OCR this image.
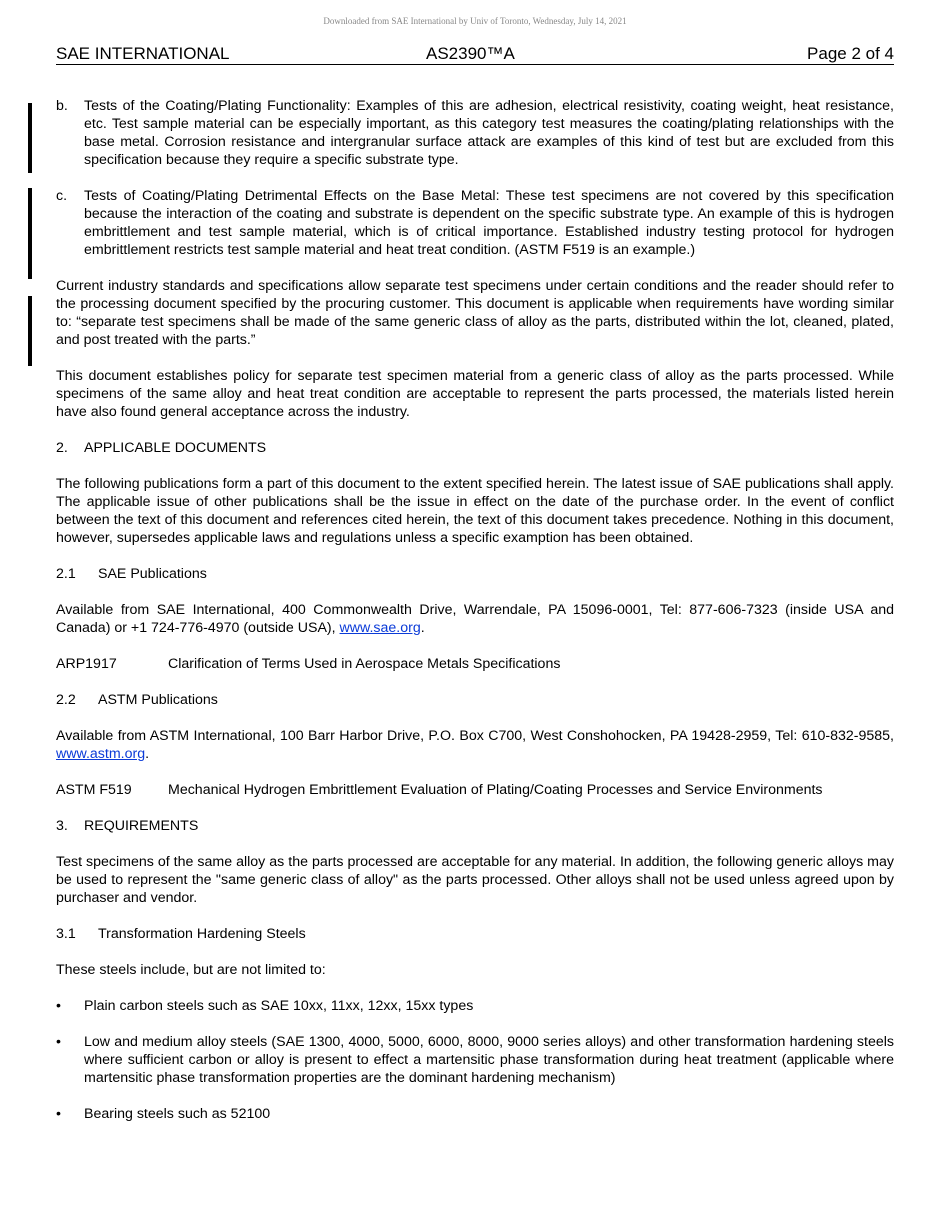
Downloaded from SAE International by Univ of Toronto, Wednesday, July 14, 2021
SAE INTERNATIONAL	AS2390™A	Page 2 of 4
b.	Tests of the Coating/Plating Functionality: Examples of this are adhesion, electrical resistivity, coating weight, heat resistance, etc. Test sample material can be especially important, as this category test measures the coating/plating relationships with the base metal. Corrosion resistance and intergranular surface attack are examples of this kind of test but are excluded from this specification because they require a specific substrate type.
c.	Tests of Coating/Plating Detrimental Effects on the Base Metal: These test specimens are not covered by this specification because the interaction of the coating and substrate is dependent on the specific substrate type. An example of this is hydrogen embrittlement and test sample material, which is of critical importance. Established industry testing protocol for hydrogen embrittlement restricts test sample material and heat treat condition. (ASTM F519 is an example.)

Current industry standards and specifications allow separate test specimens under certain conditions and the reader should refer to the processing document specified by the procuring customer. This document is applicable when requirements have wording similar to: “separate test specimens shall be made of the same generic class of alloy as the parts, distributed within the lot, cleaned, plated, and post treated with the parts.”

This document establishes policy for separate test specimen material from a generic class of alloy as the parts processed. While specimens of the same alloy and heat treat condition are acceptable to represent the parts processed, the materials listed herein have also found general acceptance across the industry.

2.	APPLICABLE DOCUMENTS

The following publications form a part of this document to the extent specified herein. The latest issue of SAE publications shall apply. The applicable issue of other publications shall be the issue in effect on the date of the purchase order. In the event of conflict between the text of this document and references cited herein, the text of this document takes precedence. Nothing in this document, however, supersedes applicable laws and regulations unless a specific examption has been obtained.

2.1	SAE Publications

Available from SAE International, 400 Commonwealth Drive, Warrendale, PA 15096-0001, Tel: 877-606-7323 (inside USA and Canada) or +1 724-776-4970 (outside USA), www.sae.org.

ARP1917	Clarification of Terms Used in Aerospace Metals Specifications
2.2	ASTM Publications

Available from ASTM International, 100 Barr Harbor Drive, P.O. Box C700, West Conshohocken, PA 19428-2959, Tel: 610-832-9585, www.astm.org.

ASTM F519	Mechanical Hydrogen Embrittlement Evaluation of Plating/Coating Processes and Service Environments
3.	REQUIREMENTS

Test specimens of the same alloy as the parts processed are acceptable for any material. In addition, the following generic alloys may be used to represent the "same generic class of alloy" as the parts processed. Other alloys shall not be used unless agreed upon by purchaser and vendor.

3.1	Transformation Hardening Steels

These steels include, but are not limited to:

•	Plain carbon steels such as SAE 10xx, 11xx, 12xx, 15xx types
•	Low and medium alloy steels (SAE 1300, 4000, 5000, 6000, 8000, 9000 series alloys) and other transformation hardening steels where sufficient carbon or alloy is present to effect a martensitic phase transformation during heat treatment (applicable where martensitic phase transformation properties are the dominant hardening mechanism)
•	Bearing steels such as 52100
